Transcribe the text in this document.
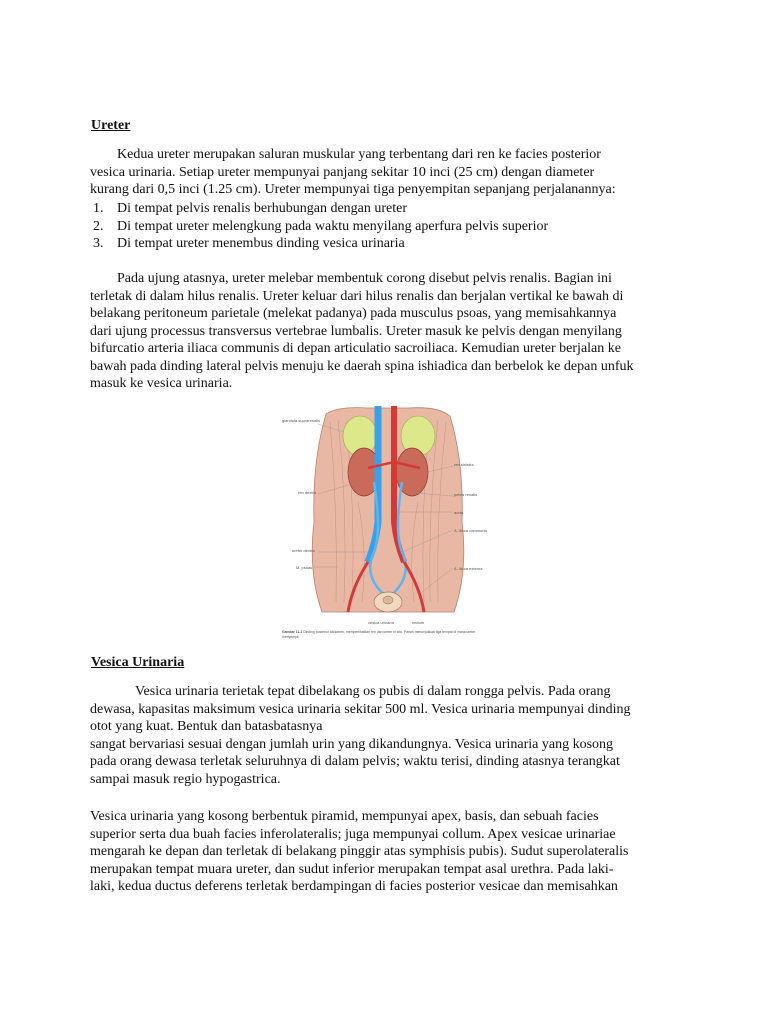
Ureter

Kedua ureter merupakan saluran muskular yang terbentang dari ren ke facies posterior

vesica urinaria. Setiap ureter mempunyai panjang sekitar 10 inci (25 cm) dengan diameter

kurang dari 0,5 inci (1.25 cm). Ureter mempunyai tiga penyempitan sepanjang perjalanannya:

1. Di tempat pelvis renalis berhubungan dengan ureter
2. Di tempat ureter melengkung pada waktu menyilang aperfura pelvis superior
3. Di tempat ureter menembus dinding vesica urinaria

Pada ujung atasnya, ureter melebar membentuk corong disebut pelvis renalis. Bagian ini

terletak di dalam hilus renalis. Ureter keluar dari hilus renalis dan berjalan vertikal ke bawah di

belakang peritoneum parietale (melekat padanya) pada musculus psoas, yang memisahkannya

dari ujung processus transversus vertebrae lumbalis. Ureter masuk ke pelvis dengan menyilang

bifurcatio arteria iliaca communis di depan articulatio sacroiliaca. Kemudian ureter berjalan ke

bawah pada dinding lateral pelvis menuju ke daerah spina ishiadica dan berbelok ke depan unfuk

masuk ke vesica urinaria.

glandula suprarenalis
ren dextra
ureter dextra
M. psoas
vesica urinaria
ren sinistra
pelvis renalis
aorta
A. iliaca communis
A. iliaca externa
rectum
Gambar 11-1 Dinding posterior abdomen, memperlihatkan ren dan ureter in situ. Panah menunjukkan tiga tempat di mana ureter menyempit.
Vesica Urinaria

Vesica urinaria terietak tepat dibelakang os pubis di dalam rongga pelvis. Pada orang

dewasa, kapasitas maksimum vesica urinaria sekitar 500 ml. Vesica urinaria mempunyai dinding

otot yang kuat. Bentuk dan batasbatasnya

sangat bervariasi sesuai dengan jumlah urin yang dikandungnya. Vesica urinaria yang kosong

pada orang dewasa terletak seluruhnya di dalam pelvis; waktu terisi, dinding atasnya terangkat

sampai masuk regio hypogastrica.

Vesica urinaria yang kosong berbentuk piramid, mempunyai apex, basis, dan sebuah facies

superior serta dua buah facies inferolateralis; juga mempunyai collum. Apex vesicae urinariae

mengarah ke depan dan terletak di belakang pinggir atas symphisis pubis). Sudut superolateralis

merupakan tempat muara ureter, dan sudut inferior merupakan tempat asal urethra. Pada laki-

laki, kedua ductus deferens terletak berdampingan di facies posterior vesicae dan memisahkan
